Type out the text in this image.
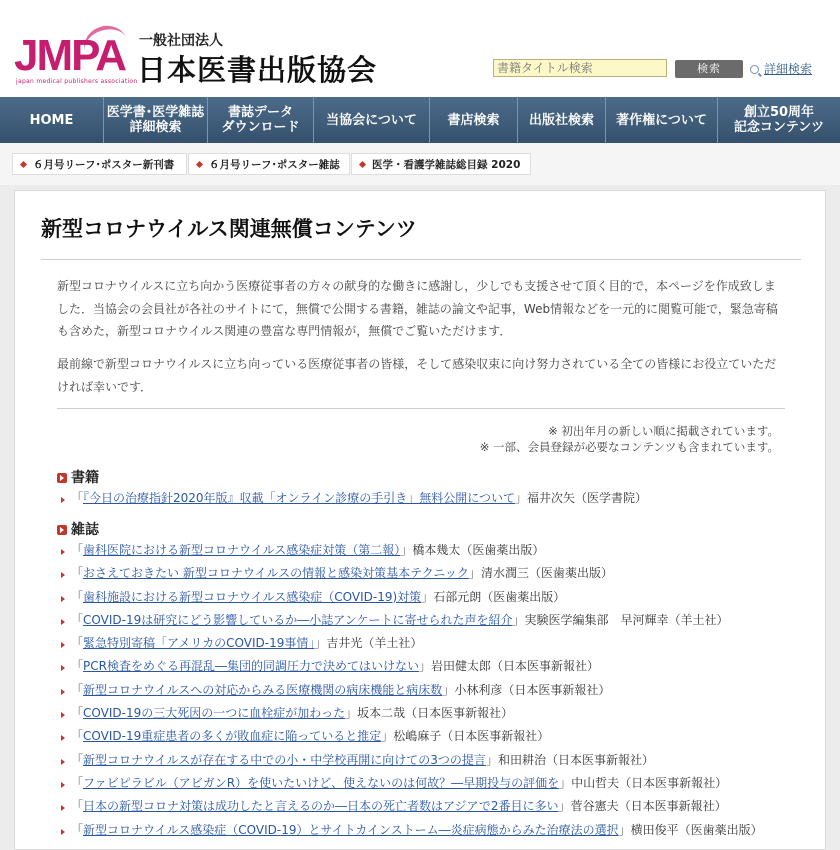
JMPA
japan medical publishers association
一般社団法人
日本医書出版協会
書籍タイトル検索	検索	詳細検索
HOME	医学書･医学雑誌
詳細検索
書誌データ
ダウンロード 当協会について 書店検索 出版社検索 著作権について	創立50周年
記念コンテンツ
６月号リーフ･ポスター新刊書	６月号リーフ･ポスター雑誌	医学・看護学雑誌総目録 2020
新型コロナウイルス関連無償コンテンツ
新型コロナウイルスに立ち向かう医療従事者の方々の献身的な働きに感謝し，少しでも支援させて頂く目的で，本ページを作成致しました．当協会の会員社が各社のサイトにて，無償で公開する書籍，雑誌の論文や記事，Web情報などを一元的に閲覧可能で，緊急寄稿も含めた，新型コロナウイルス関連の豊富な専門情報が，無償でご覧いただけます．
最前線で新型コロナウイルスに立ち向っている医療従事者の皆様，そして感染収束に向け努力されている全ての皆様にお役立ていただければ幸いです．
※ 初出年月の新しい順に掲載されています。
※ 一部、会員登録が必要なコンテンツも含まれています。
書籍
「『今日の治療指針2020年版』収載「オンライン診療の手引き」無料公開について」福井次矢（医学書院）
雑誌
「歯科医院における新型コロナウイルス感染症対策（第二報）」橋本幾太（医歯薬出版）
「おさえておきたい 新型コロナウイルスの情報と感染対策基本テクニック」清水潤三（医歯薬出版）
「歯科施設における新型コロナウイルス感染症（COVID-19)対策」石部元朗（医歯薬出版）
「COVID-19は研究にどう影響しているか―小誌アンケートに寄せられた声を紹介」実験医学編集部　早河輝幸（羊土社）
「緊急特別寄稿「アメリカのCOVID-19事情」」吉井光（羊土社）
「PCR検査をめぐる再混乱―集団的同調圧力で決めてはいけない」岩田健太郎（日本医事新報社）
「新型コロナウイルスへの対応からみる医療機関の病床機能と病床数」小林利彦（日本医事新報社）
「COVID-19の三大死因の一つに血栓症が加わった」坂本二哉（日本医事新報社）
「COVID-19重症患者の多くが敗血症に陥っていると推定」松嶋麻子（日本医事新報社）
「新型コロナウイルスが存在する中での小・中学校再開に向けての3つの提言」和田耕治（日本医事新報社）
「ファビピラビル（アビガンR）を使いたいけど、使えないのは何故？―早期投与の評価を」中山哲夫（日本医事新報社）
「日本の新型コロナ対策は成功したと言えるのか―日本の死亡者数はアジアで2番目に多い」菅谷憲夫（日本医事新報社）
「新型コロナウイルス感染症（COVID-19）とサイトカインストーム―炎症病態からみた治療法の選択」横田俊平（医歯薬出版）
